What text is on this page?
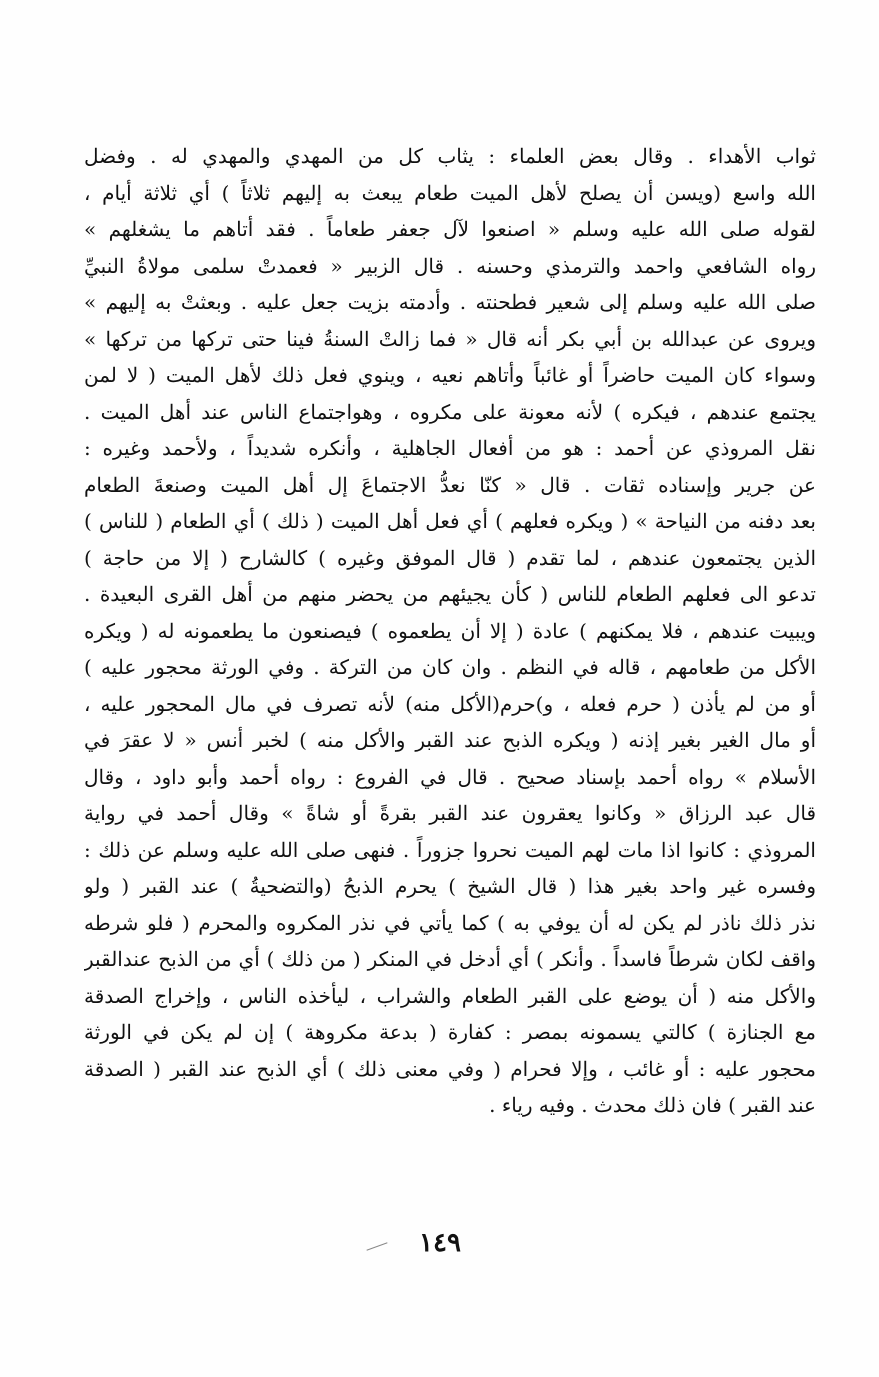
ثواب الأهداء . وقال بعض العلماء : يثاب كل من المهدي والمهدي له . وفضل
الله واسع (ويسن أن يصلح لأهل الميت طعام يبعث به إليهم ثلاثاً ) أي ثلاثة أيام ،
لقوله صلى الله عليه وسلم « اصنعوا لآل جعفر طعاماً . فقد أتاهم ما يشغلهم »
رواه الشافعي واحمد والترمذي وحسنه . قال الزبير « فعمدتْ سلمى مولاةُ النبيِّ
صلى الله عليه وسلم إلى شعير فطحنته . وأدمته بزيت جعل عليه . وبعثتْ به إليهم »
ويروى عن عبدالله بن أبي بكر أنه قال « فما زالتْ السنةُ فينا حتى تركها من تركها »
وسواء كان الميت حاضراً أو غائباً وأتاهم نعيه ، وينوي فعل ذلك لأهل الميت ( لا لمن
يجتمع عندهم ، فيكره ) لأنه معونة على مكروه ، وهواجتماع الناس عند أهل الميت .
نقل المروذي عن أحمد : هو من أفعال الجاهلية ، وأنكره شديداً ، ولأحمد وغيره :
عن جرير وإسناده ثقات . قال « كنّا نعدُّ الاجتماعَ إل أهل الميت وصنعةَ الطعام
بعد دفنه من النياحة » ( ويكره فعلهم ) أي فعل أهل الميت ( ذلك ) أي الطعام ( للناس )
الذين يجتمعون عندهم ، لما تقدم ( قال الموفق وغيره ) كالشارح ( إلا من حاجة )
تدعو الى فعلهم الطعام للناس ( كأن يجيئهم من يحضر منهم من أهل القرى البعيدة .
ويبيت عندهم ، فلا يمكنهم ) عادة ( إلا أن يطعموه ) فيصنعون ما يطعمونه له ( ويكره
الأكل من طعامهم ، قاله في النظم . وان كان من التركة . وفي الورثة محجور عليه )
أو من لم يأذن ( حرم فعله ، و)حرم(الأكل منه) لأنه تصرف في مال المحجور عليه ،
أو مال الغير بغير إذنه ( ويكره الذبح عند القبر والأكل منه ) لخبر أنس « لا عقرَ في
الأسلام » رواه أحمد بإسناد صحيح . قال في الفروع : رواه أحمد وأبو داود ، وقال
قال عبد الرزاق « وكانوا يعقرون عند القبر بقرةً أو شاةً » وقال أحمد في رواية
المروذي : كانوا اذا مات لهم الميت نحروا جزوراً . فنهى صلى الله عليه وسلم عن ذلك :
وفسره غير واحد بغير هذا ( قال الشيخ ) يحرم الذبحُ (والتضحيةُ ) عند القبر ( ولو
نذر ذلك ناذر لم يكن له أن يوفي به ) كما يأتي في نذر المكروه والمحرم ( فلو شرطه
واقف لكان شرطاً فاسداً . وأنكر ) أي أدخل في المنكر ( من ذلك ) أي من الذبح عندالقبر
والأكل منه ( أن يوضع على القبر الطعام والشراب ، ليأخذه الناس ، وإخراج الصدقة
مع الجنازة ) كالتي يسمونه بمصر : كفارة ( بدعة مكروهة ) إن لم يكن في الورثة
محجور عليه : أو غائب ، وإلا فحرام ( وفي معنى ذلك ) أي الذبح عند القبر ( الصدقة
عند القبر ) فان ذلك محدث . وفيه رياء .
١٤٩
